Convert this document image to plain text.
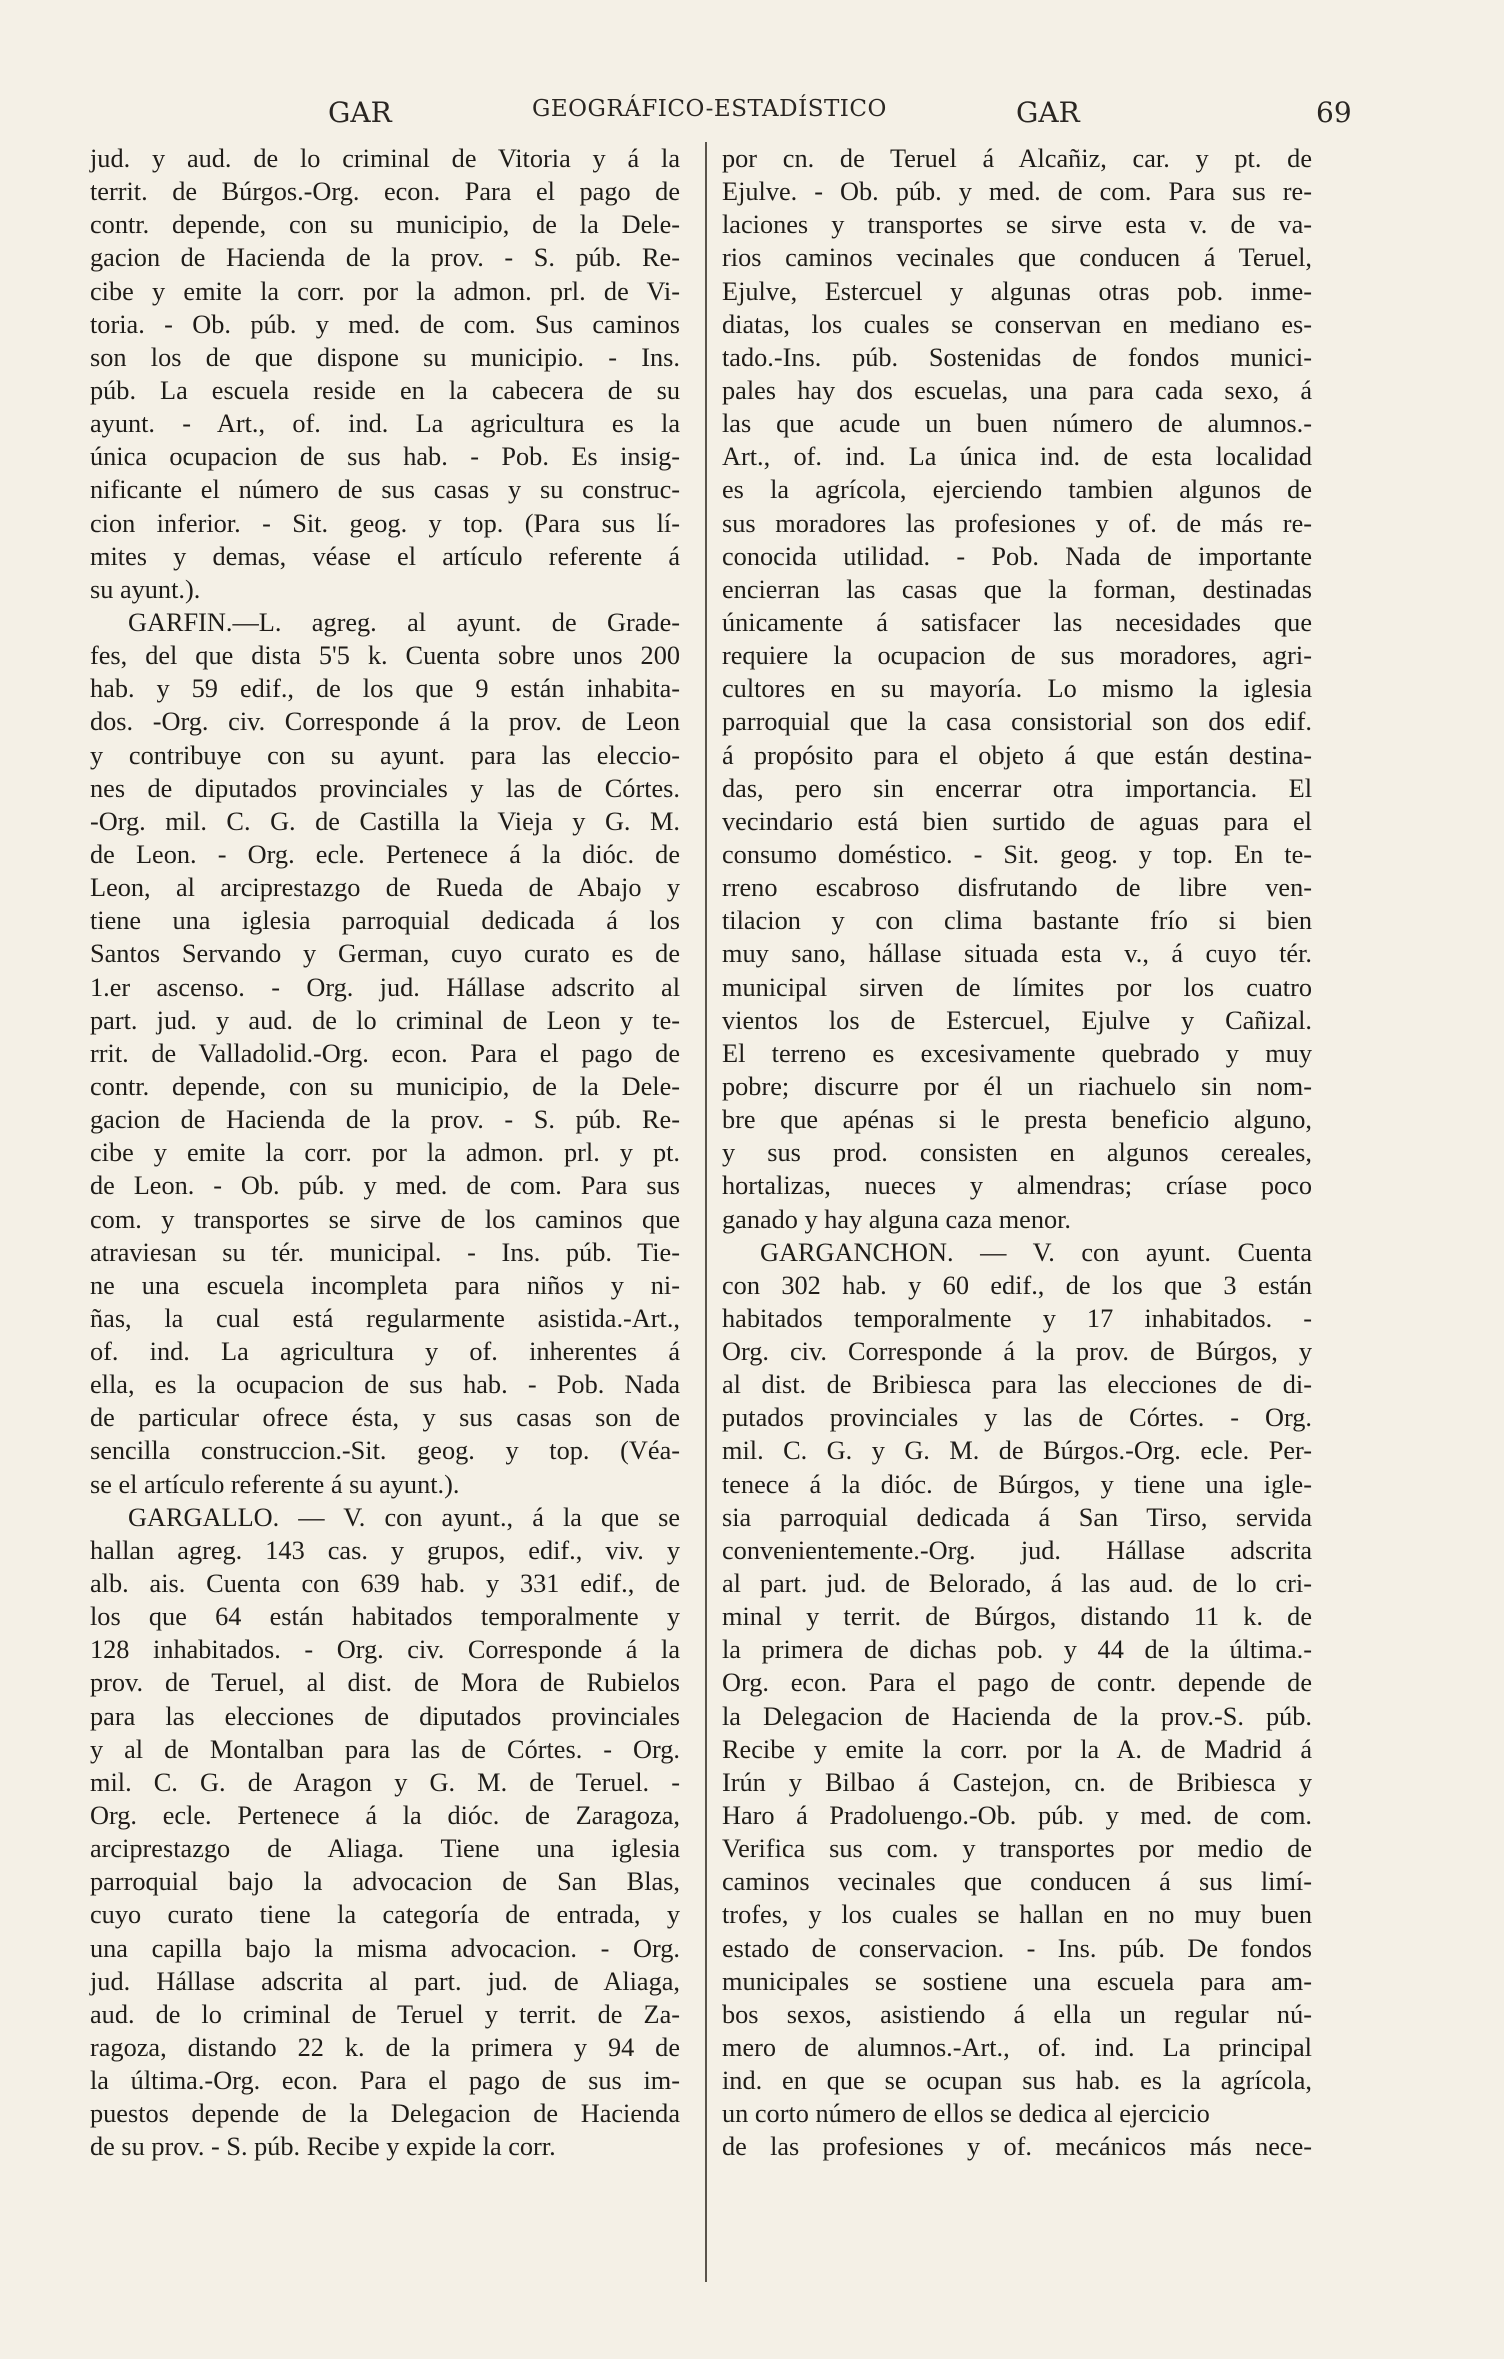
GAR	GEOGRÁFICO-ESTADÍSTICO	GAR	69
jud. y aud. de lo criminal de Vitoria y á la
territ. de Búrgos.-Org. econ. Para el pago de
contr. depende, con su municipio, de la Dele-
gacion de Hacienda de la prov. - S. púb. Re-
cibe y emite la corr. por la admon. prl. de Vi-
toria. - Ob. púb. y med. de com. Sus caminos
son los de que dispone su municipio. - Ins.
púb. La escuela reside en la cabecera de su
ayunt. - Art., of. ind. La agricultura es la
única ocupacion de sus hab. - Pob. Es insig-
nificante el número de sus casas y su construc-
cion inferior. - Sit. geog. y top. (Para sus lí-
mites y demas, véase el artículo referente á
su ayunt.).
GARFIN.—L. agreg. al ayunt. de Grade-
fes, del que dista 5'5 k. Cuenta sobre unos 200
hab. y 59 edif., de los que 9 están inhabita-
dos. -Org. civ. Corresponde á la prov. de Leon
y contribuye con su ayunt. para las eleccio-
nes de diputados provinciales y las de Córtes.
-Org. mil. C. G. de Castilla la Vieja y G. M.
de Leon. - Org. ecle. Pertenece á la dióc. de
Leon, al arciprestazgo de Rueda de Abajo y
tiene una iglesia parroquial dedicada á los
Santos Servando y German, cuyo curato es de
1.er ascenso. - Org. jud. Hállase adscrito al
part. jud. y aud. de lo criminal de Leon y te-
rrit. de Valladolid.-Org. econ. Para el pago de
contr. depende, con su municipio, de la Dele-
gacion de Hacienda de la prov. - S. púb. Re-
cibe y emite la corr. por la admon. prl. y pt.
de Leon. - Ob. púb. y med. de com. Para sus
com. y transportes se sirve de los caminos que
atraviesan su tér. municipal. - Ins. púb. Tie-
ne una escuela incompleta para niños y ni-
ñas, la cual está regularmente asistida.-Art.,
of. ind. La agricultura y of. inherentes á
ella, es la ocupacion de sus hab. - Pob. Nada
de particular ofrece ésta, y sus casas son de
sencilla construccion.-Sit. geog. y top. (Véa-
se el artículo referente á su ayunt.).
GARGALLO. — V. con ayunt., á la que se
hallan agreg. 143 cas. y grupos, edif., viv. y
alb. ais. Cuenta con 639 hab. y 331 edif., de
los que 64 están habitados temporalmente y
128 inhabitados. - Org. civ. Corresponde á la
prov. de Teruel, al dist. de Mora de Rubielos
para las elecciones de diputados provinciales
y al de Montalban para las de Córtes. - Org.
mil. C. G. de Aragon y G. M. de Teruel. -
Org. ecle. Pertenece á la dióc. de Zaragoza,
arciprestazgo de Aliaga. Tiene una iglesia
parroquial bajo la advocacion de San Blas,
cuyo curato tiene la categoría de entrada, y
una capilla bajo la misma advocacion. - Org.
jud. Hállase adscrita al part. jud. de Aliaga,
aud. de lo criminal de Teruel y territ. de Za-
ragoza, distando 22 k. de la primera y 94 de
la última.-Org. econ. Para el pago de sus im-
puestos depende de la Delegacion de Hacienda
de su prov. - S. púb. Recibe y expide la corr.
por cn. de Teruel á Alcañiz, car. y pt. de
Ejulve. - Ob. púb. y med. de com. Para sus re-
laciones y transportes se sirve esta v. de va-
rios caminos vecinales que conducen á Teruel,
Ejulve, Estercuel y algunas otras pob. inme-
diatas, los cuales se conservan en mediano es-
tado.-Ins. púb. Sostenidas de fondos munici-
pales hay dos escuelas, una para cada sexo, á
las que acude un buen número de alumnos.-
Art., of. ind. La única ind. de esta localidad
es la agrícola, ejerciendo tambien algunos de
sus moradores las profesiones y of. de más re-
conocida utilidad. - Pob. Nada de importante
encierran las casas que la forman, destinadas
únicamente á satisfacer las necesidades que
requiere la ocupacion de sus moradores, agri-
cultores en su mayoría. Lo mismo la iglesia
parroquial que la casa consistorial son dos edif.
á propósito para el objeto á que están destina-
das, pero sin encerrar otra importancia. El
vecindario está bien surtido de aguas para el
consumo doméstico. - Sit. geog. y top. En te-
rreno escabroso disfrutando de libre ven-
tilacion y con clima bastante frío si bien
muy sano, hállase situada esta v., á cuyo tér.
municipal sirven de límites por los cuatro
vientos los de Estercuel, Ejulve y Cañizal.
El terreno es excesivamente quebrado y muy
pobre; discurre por él un riachuelo sin nom-
bre que apénas si le presta beneficio alguno,
y sus prod. consisten en algunos cereales,
hortalizas, nueces y almendras; críase poco
ganado y hay alguna caza menor.
GARGANCHON. — V. con ayunt. Cuenta
con 302 hab. y 60 edif., de los que 3 están
habitados temporalmente y 17 inhabitados. -
Org. civ. Corresponde á la prov. de Búrgos, y
al dist. de Bribiesca para las elecciones de di-
putados provinciales y las de Córtes. - Org.
mil. C. G. y G. M. de Búrgos.-Org. ecle. Per-
tenece á la dióc. de Búrgos, y tiene una igle-
sia parroquial dedicada á San Tirso, servida
convenientemente.-Org. jud. Hállase adscrita
al part. jud. de Belorado, á las aud. de lo cri-
minal y territ. de Búrgos, distando 11 k. de
la primera de dichas pob. y 44 de la última.-
Org. econ. Para el pago de contr. depende de
la Delegacion de Hacienda de la prov.-S. púb.
Recibe y emite la corr. por la A. de Madrid á
Irún y Bilbao á Castejon, cn. de Bribiesca y
Haro á Pradoluengo.-Ob. púb. y med. de com.
Verifica sus com. y transportes por medio de
caminos vecinales que conducen á sus limí-
trofes, y los cuales se hallan en no muy buen
estado de conservacion. - Ins. púb. De fondos
municipales se sostiene una escuela para am-
bos sexos, asistiendo á ella un regular nú-
mero de alumnos.-Art., of. ind. La principal
ind. en que se ocupan sus hab. es la agrícola,
un corto número de ellos se dedica al ejercicio
de las profesiones y of. mecánicos más nece-
